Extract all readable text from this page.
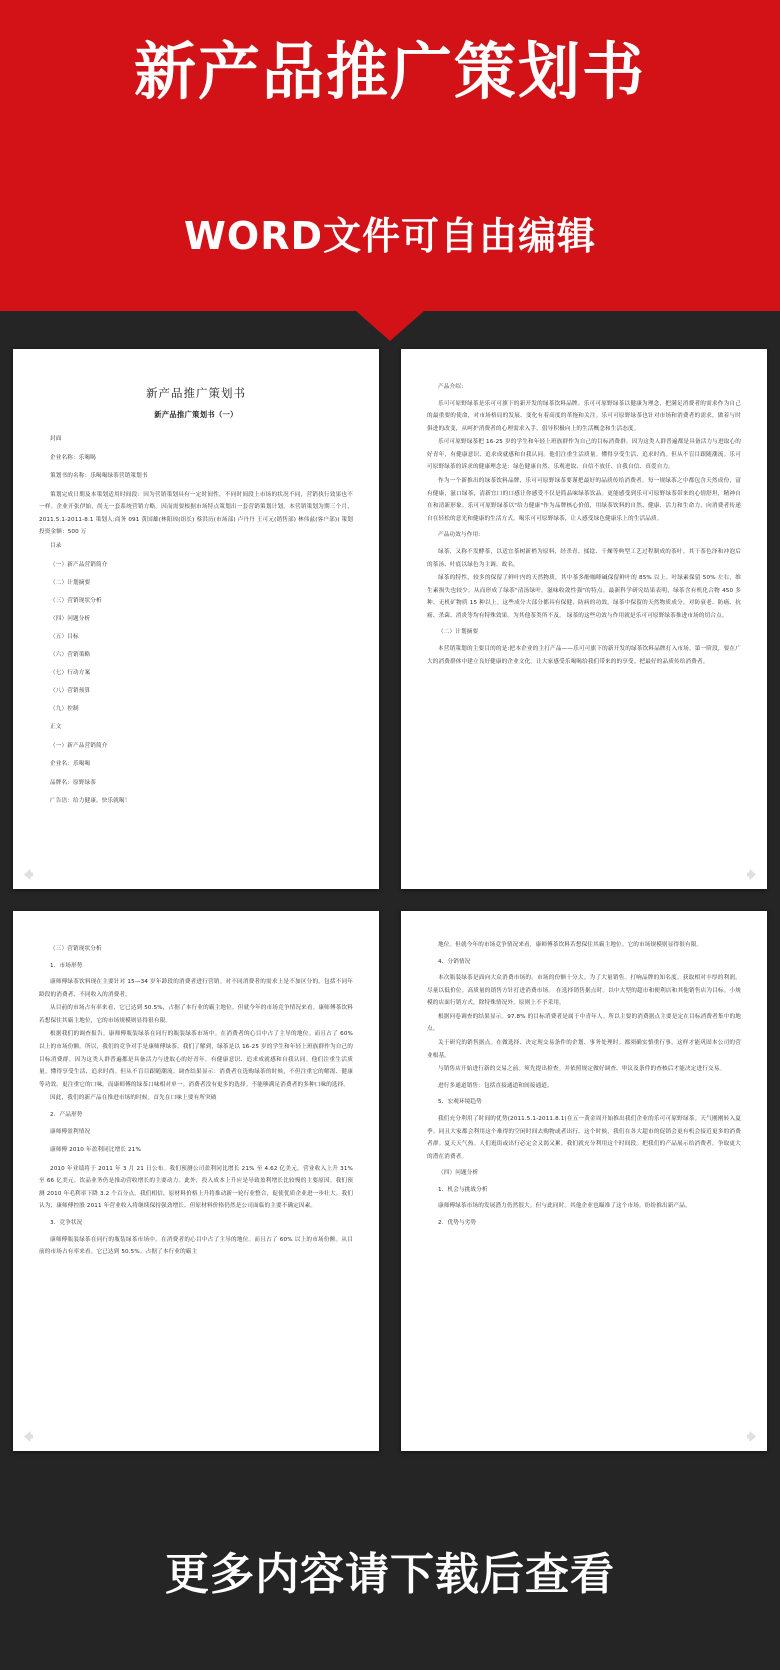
新产品推广策划书
WORD文件可自由编辑
新产品推广策划书
新产品推广策划书（一）

封面

企业名称：乐喝喝

策划书的名称：乐喝喝绿茶营销策划书

策划完成日期及本策划适用时间段：因为营销策划具有一定时间性，不同时间段上市场的状况不同，营销执行效果也不一样。企业开张伊始，尚无一套系统营销方略。因而需要根据市场特点策划出一套营销策划计划。本营销策划为期三个月，2011.5.1-2011-8.1 策划人:商务 091 黄国雄(林阳琼(组长) 蔡洪历(市场部) 卢丹丹 王可元(销售部) 林伟兹(客户部)) 策划投资金额：500 万

目录

（一）新产品营销简介

（二）计划摘要

（三）营销现状分析

（四）问题分析

（五）目标

（六）营销策略

（七）行动方案

（八）营销预算

（九）控制

正文

（一）新产品营销简介

企业名：乐喝喝

品牌名：原野绿茶

广告语：给力健康，快乐就喝！

产品介绍：

乐可可原野绿茶是乐可可旗下的新开发的绿茶饮料品牌。乐可可原野绿茶以健康为理念，把满足消费者的需求作为自己的最重要的使命，对市场格局的发展、变化有着高度的革拖和关注。乐可可原野绿茶也针对市场和消费者的需求，做着与时俱进的改变，从呵护消费者的心理需求入手，倡导积极向上的生活概念和生活态度。

乐可可原野绿茶把 16-25 岁的学生和年轻上班族群作为自己的目标消费群。因为这类人群普遍都是具备活力与进取心的好青年，有健康意识、追求成就感和自我认同。他们注重生活质量。懂得享受生活、追求时尚。但从不盲目跟随潮流。乐可可原野绿茶的诉求的健康理念是：绿色健康自然、乐观进取、自信不放任、自我自信、真爱自力。

作为一个新推出的绿茶饮料品牌，乐可可原野绿茶要谨把最好的品质传给消费者。每一规绿茶之中都包含天然成份，富有健康，滋口绿茶，清新宜口的口感让你感受不仅是简品味绿茶饮品。更能感受到乐可可原野绿茶带来的心情舒坦，精神自在和清新形象。乐可可原野绿茶以"给力健康"作为品牌核心价值，用绿茶饮料的自然、健康、活力和生命力，向消费者传递自在轻松的意光和健康的生活方式。喝乐可可原野绿茶，让人感受绿色健康乐上的生活品质。

产品功效与作用：

绿茶，又称不发酵茶，以适宜茶树新梢为原料，经杀青、揉捻、干燥等典型工艺过程制成的茶叶。其干茶色泽和冲泡后的茶汤、叶底以绿色为主调。故名。

绿茶的特性，较多的保留了鲜叶内的天然物质。其中茶多酚咖啡碱保留鲜叶的 85% 以上。叶绿素保留 50% 左右，维生素损失也较少。从而形成了绿茶"清汤绿叶。滋味收敛性强"的特点。最新科学研究结果表明，绿茶含有机化合物 450 多种、无机矿物质 15 种以上。这些成分大部分都具有保健、防病的功效。绿茶中保留的天然物质成分。对防衰老、防癌、抗癌、杀菌、消炎等均有特殊效果。为其他茶类所不及。 绿茶的这些功效与作用就是乐可可原野绿茶推进市场的切合点。

（二）计划摘要

本营销策划的主要目的的是:把本企业的主打产品——乐可可旗下的新开发的绿茶饮料品牌打入市场。第一阶段，要在广大的消费群体中建立良好健康的企业文化。让大家感受乐喝喝给我们带来的的享受。把最好的品质传给消费者。

（三）营销现状分析

1．市场形势

康师傅绿茶饮料现在主要针对 15—34 岁年龄段的消费者进行营销。对不同消费者的需求上是不加区分的。包括不同年龄段的消费者、不同收入的消费者。

从目前的市场占有率来看，它已达到 50.5%，占据了本行业的霸主地位。但就今年的市场竞争情况来看。康师傅茶饮料若想保住其霸主地位，它的市场规模则显得很有限。

根据我们的调查报告。康师傅瓶装绿茶在同行的瓶装绿茶市场中。在消费者的心目中占了主导的地位。而且占了 60% 以上的市场份额。所以，我们的竞争对手是康师傅绿茶。我们了解到，绿茶是以 16-25 岁的学生和年轻上班族群作为自己的目标消费群。因为这类人群普遍都是具备活力与进取心的好青年。有健康意识、追求成就感和自我认同。他们注重生活质量。懂得享受生活、追求时尚。但从不盲目跟随潮流。调查结果显示：消费者在选购绿茶的时候，不但注重它的解渴、健康等功效。更注重它的口味。而康师傅的绿茶口味相对单一。消费者没有更多的选择。不能够满足消费者的多种口味的选择。

因此，我们的新产品在推进市场的时候。首先在口味上要有所突破

2．产品形势

康师傅盈利情况

康师傅 2010 年盈利同比增长 21%

2010 年业绩将于 2011 年 3 月 21 日公布。我们预测公司盈利同比增长 21% 至 4.62 亿美元。营业收入上升 31% 至 66 亿美元。饮品业务仍是推动营收增长的主要动力。此外，投入成本上升应是导致盈利增长比较慢的主要原因。我们预测 2010 年毛利率下降 3.2 个百分点。我们相信，原材料价格上升将推动新一轮行业整合，促使优质企业进一步壮大。我们认为，康师傅控股 2011 年营业收入将继续保持强劲增长。但原材料价格仍然是公司面临的主要不确定因素。

3．竞争状况

康师傅瓶装绿茶在同行的瓶装绿茶市场中。在消费者的心目中占了主导的地位。而且占了 60% 以上的市场份额。从目前的市场占有率来看。它已达到 50.5%。占据了本行业的霸主

地位。但就今年的市场竞争情况来看，康师傅茶饮料若想保住其霸主地位。它的市场规模则显得很有限。

4．分销情况

本次瓶装绿茶是面向大众消费市场的。市场的份额十分大。为了大量销售。打响品牌的知名度。获取相对丰厚的利润。尽量以低价位。高质量的销售方针打进消费市场。 在选择销售据点时。以中大型的超市和便利店和其他销售店为目标。小规模的店面行销方式，除特殊情况外。原则上不予采用。

根据问卷调查的结果显示。97.8% 的目标消费者是属于中青年人。所以主要的消费据点主要是定在目标消费者集中的地点。

关于研究的销售据点。在做选择、决定现交易条件的企划、事务处理时。都须确实慎重行事。这样才能巩固本公司的营业根基。

与销售店开始进行新的交易之前。须先提出检查。并依照规定做好调查、审议及条件的查核后才能决定进行交易。

进行多通道销售：包括直接通道和间接通道。

5．宏观环境趋势

我们充分利用了时间的优势(2011.5.1-2011.8.1)在五一黄金周开始推出我们企业的乐可可原野绿茶。天气刚刚转入夏季。同且大家都会利用这个难得的空闲时间去购物或者出行。这个时候，我们在各大超市的促销会更有机会接近更多的消费者群。夏天天气热。人们逛街或出行必定会又渴又累。我们就充分利用这个时间段。把我们的产品展示给消费者。争取更大的潜在消费者。

（四）问题分析

1．机会与挑战分析

康师傅绿茶市场的发展潜力仍然很大。但与此同时。其他企业也瞄准了这个市场。纷纷推出新产品。

2．优势与劣势

更多内容请下载后查看
